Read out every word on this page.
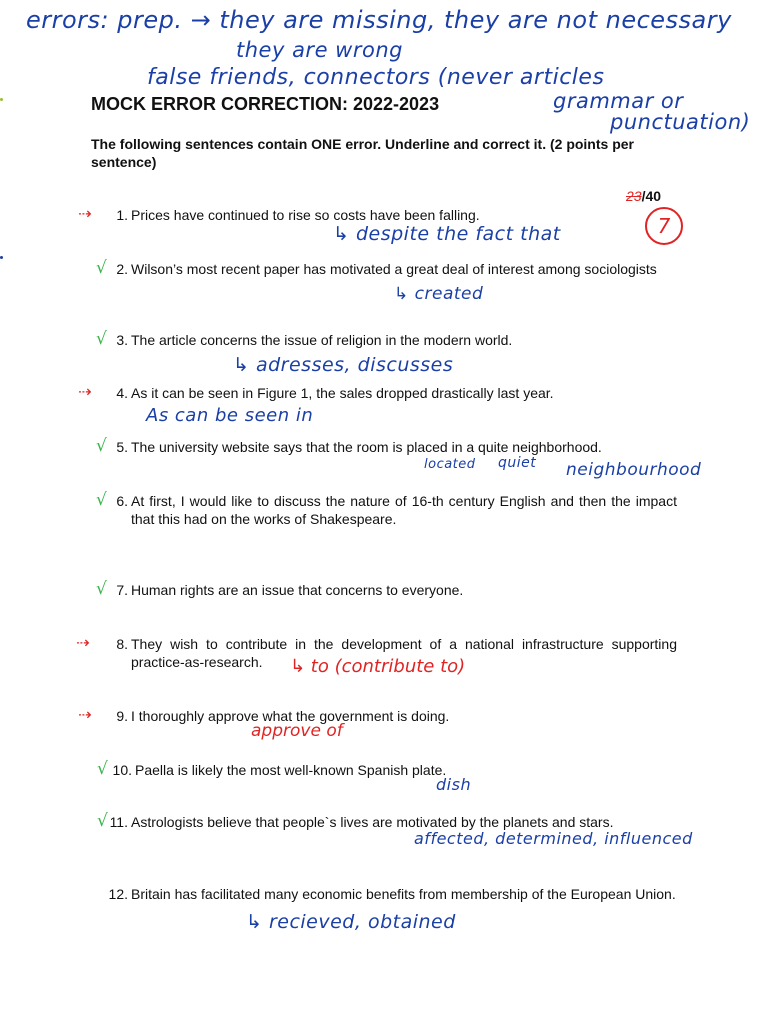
errors: prep. → they are missing, they are not necessary
they are wrong
false friends, connectors (never articles
grammar or
punctuation)
MOCK ERROR CORRECTION: 2022-2023
The following sentences contain ONE error. Underline and correct it. (2 points per sentence)
23/40
7
⇢	1. Prices have continued to rise so costs have been falling.
↳ despite the fact that
√ 2. Wilson’s most recent paper has motivated a great deal of interest among sociologists
↳ created
√ 3. The article concerns the issue of religion in the modern world.
↳ adresses, discusses
⇢	4. As it can be seen in Figure 1, the sales dropped drastically last year.
As can be seen in
√ 5. The university website says that the room is placed in a quite neighborhood.
located quiet neighbourhood
√ 6. At first, I would like to discuss the nature of 16-th century English and then the impact that this had on the works of Shakespeare.
√ 7. Human rights are an issue that concerns to everyone.
⇢	8. They wish to contribute in the development of a national infrastructure supporting practice-as-research.	↳ to (contribute to)
⇢	9. I thoroughly approve what the government is doing.
approve of
√ 10. Paella is likely the most well-known Spanish plate.
dish
√ 11. Astrologists believe that people`s lives are motivated by the planets and stars.
affected, determined, influenced
12. Britain has facilitated many economic benefits from membership of the European Union.
↳ recieved, obtained
